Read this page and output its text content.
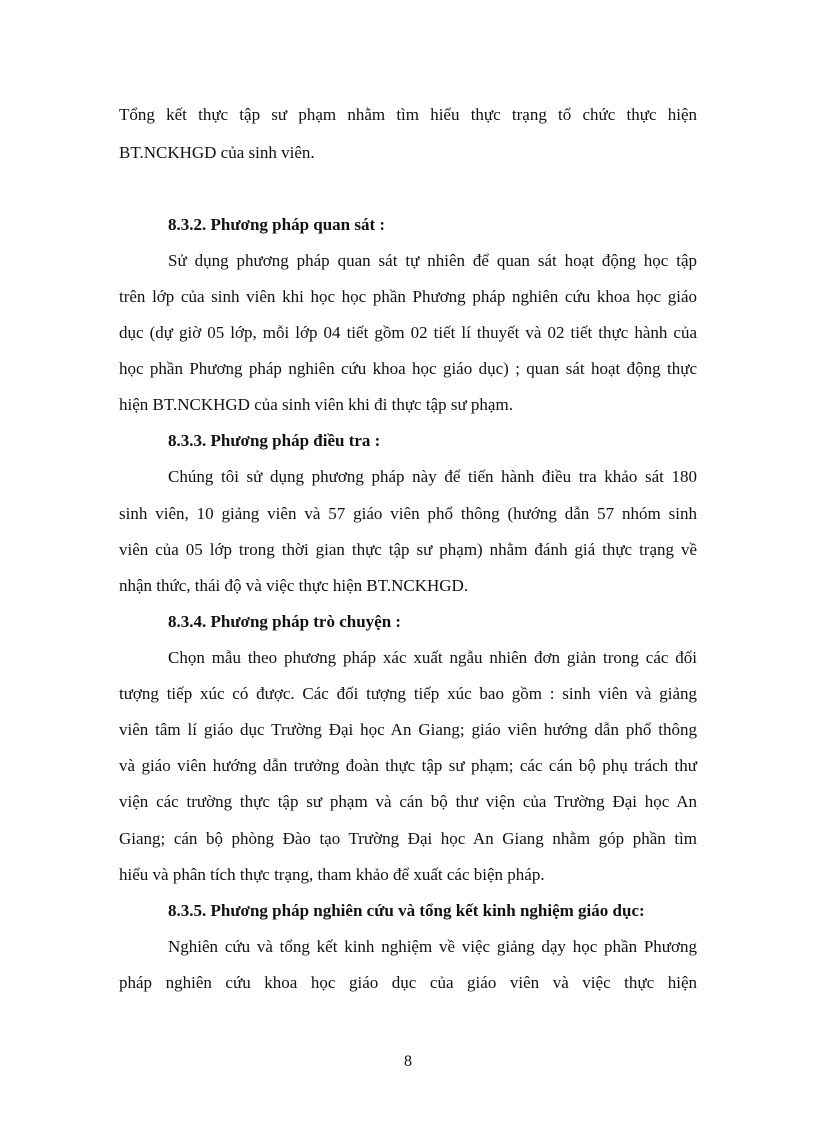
Tổng kết thực tập sư phạm nhằm tìm hiểu thực trạng tổ chức thực hiện
BT.NCKHGD của sinh viên.
8.3.2. Phương pháp quan sát :
Sử dụng phương pháp quan sát tự nhiên để quan sát hoạt động học tập
trên lớp của sinh viên khi học học phần Phương pháp nghiên cứu khoa học giáo
dục (dự giờ 05 lớp, mỗi lớp 04 tiết gồm 02 tiết lí thuyết và 02 tiết thực hành của
học phần Phương pháp nghiên cứu khoa học giáo dục) ; quan sát hoạt động thực
hiện BT.NCKHGD của sinh viên khi đi thực tập sư phạm.
8.3.3. Phương pháp điều tra :
Chúng tôi sử dụng phương pháp này để tiến hành điều tra khảo sát 180
sinh viên, 10 giảng viên và 57 giáo viên phổ thông (hướng dẫn 57 nhóm sinh
viên của 05 lớp trong thời gian thực tập sư phạm) nhằm đánh giá thực trạng về
nhận thức, thái độ và việc thực hiện BT.NCKHGD.
8.3.4. Phương pháp trò chuyện :
Chọn mẫu theo phương pháp xác xuất ngẫu nhiên đơn giản trong các đối
tượng tiếp xúc có được. Các đối tượng tiếp xúc bao gồm : sinh viên và giảng
viên tâm lí giáo dục Trường Đại học An Giang; giáo viên hướng dẫn phổ thông
và giáo viên hướng dẫn trưởng đoàn thực tập sư phạm; các cán bộ phụ trách thư
viện các trường thực tập sư phạm và cán bộ thư viện của Trường Đại học An
Giang; cán bộ phòng Đào tạo Trường Đại học An Giang nhằm góp phần tìm
hiểu và phân tích thực trạng, tham khảo để xuất các biện pháp.
8.3.5. Phương pháp nghiên cứu và tổng kết kinh nghiệm giáo dục:
Nghiên cứu và tổng kết kinh nghiệm về việc giảng dạy học phần Phương
pháp nghiên cứu khoa học giáo dục của giáo viên và việc thực hiện
8
